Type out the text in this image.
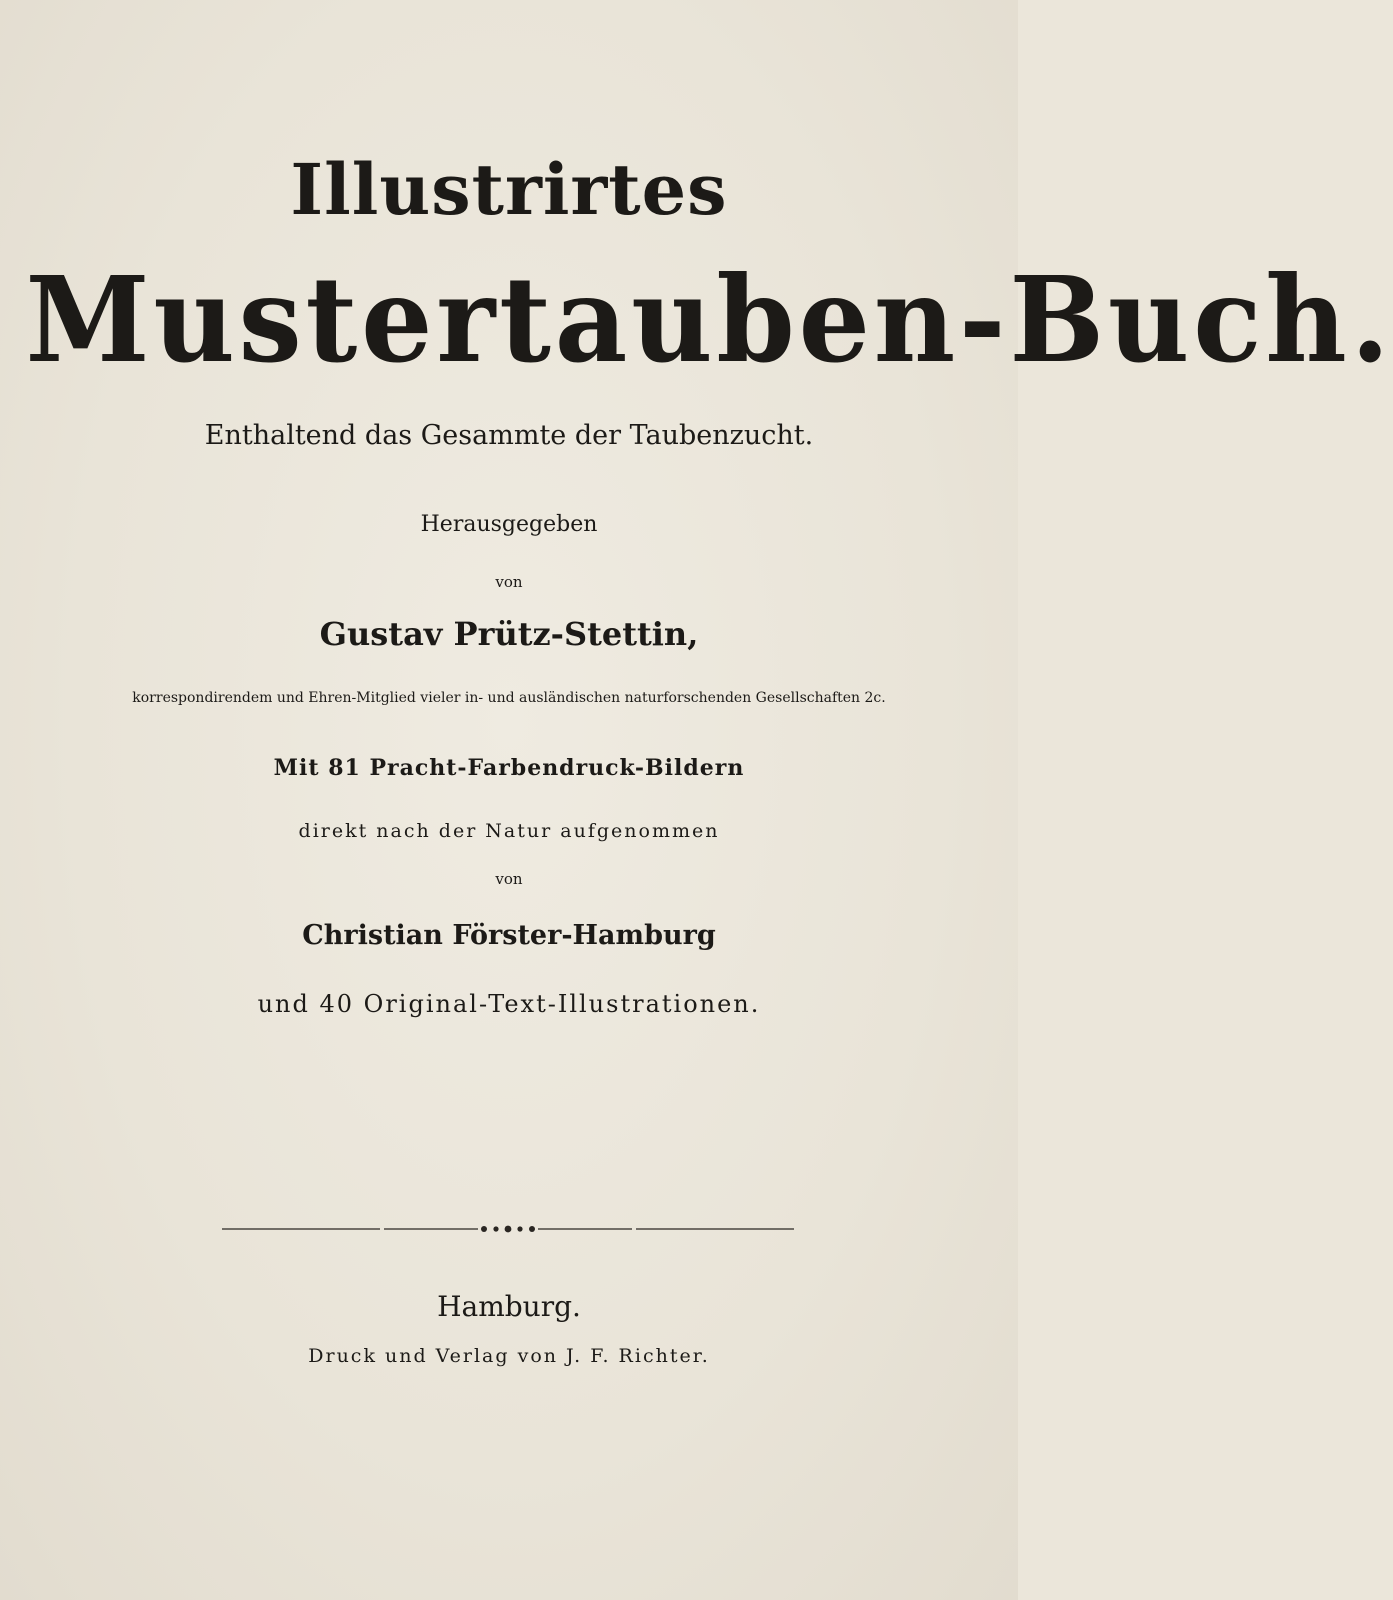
Illustrirtes
Mustertauben-Buch.
Enthaltend das Gesammte der Taubenzucht.
Herausgegeben
von
Gustav Prütz-Stettin,
korrespondirendem und Ehren-Mitglied vieler in- und ausländischen naturforschenden Gesellschaften 2c.
Mit 81 Pracht-Farbendruck-Bildern
direkt nach der Natur aufgenommen
von
Christian Förster-Hamburg
und 40 Original-Text-Illustrationen.
Hamburg.
Druck und Verlag von J. F. Richter.
